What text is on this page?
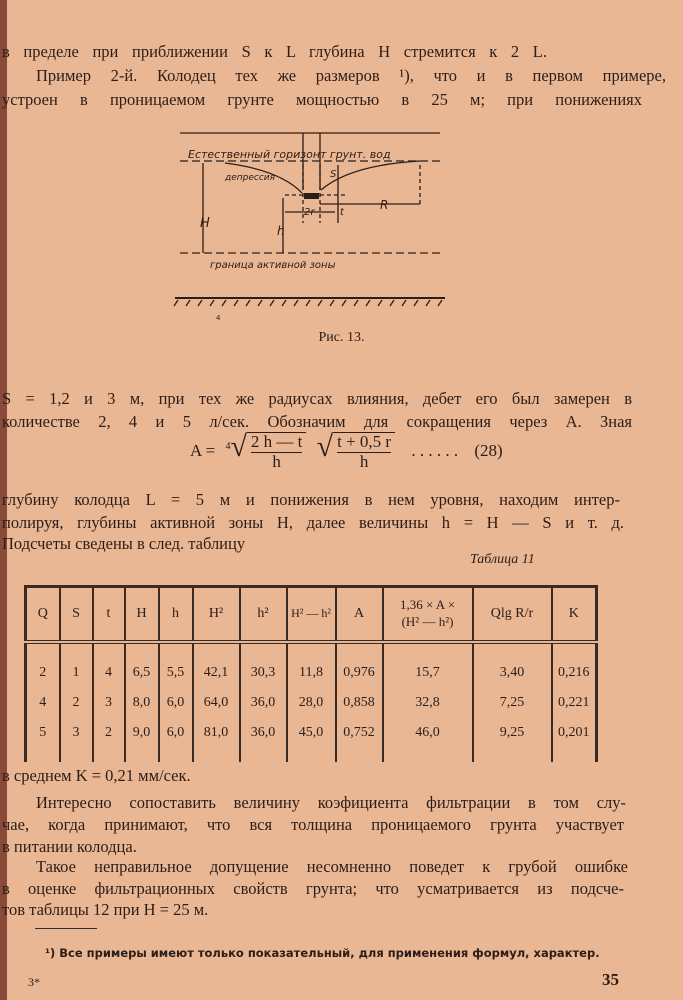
в пределе при приближении S к L глубина H стремится к 2 L.
Пример 2-й. Колодец тех же размеров ¹), что и в первом примере,
устроен в проницаемом грунте мощностью в 25 м; при понижениях
Естественный горизонт грунт. вод
депрессия
H	h
S
t
R
2r
граница активной зоны
4
Рис. 13.
S = 1,2 и 3 м, при тех же радиусах влияния, дебет его был замерен в
количестве 2, 4 и 5 л/сек. Обозначим для сокращения через A. Зная
$A = ^4√ \frac{2 h — t}{h}$ √ $\frac{t + 0,5 r}{h}$ . . . . . . (28)
глубину колодца L = 5 м и понижения в нем уровня, находим интер-
полируя, глубины активной зоны H, далее величины h = H — S и т. д.
Подсчеты сведены в след. таблицу
Таблица 11
Q	S	t	H	h	H²	h²	H² — h²	A	1,36 × A ×
(H² — h²)	Qlg R/r	K

2	1	4	6,5	5,5	42,1	30,3	11,8	0,976	15,7	3,40	0,216
4	2	3	8,0	6,0	64,0	36,0	28,0	0,858	32,8	7,25	0,221
5	3	2	9,0	6,0	81,0	36,0	45,0	0,752	46,0	9,25	0,201

в среднем K = 0,21 мм/сек.
Интересно сопоставить величину коэфициента фильтрации в том слу-
чае, когда принимают, что вся толщина проницаемого грунта участвует
в питании колодца.
Такое неправильное допущение несомненно поведет к грубой ошибке
в оценке фильтрационных свойств грунта; что усматривается из подсче-
тов таблицы 12 при H = 25 м.
¹) Все примеры имеют только показательный, для применения формул, характер.
3*	35
